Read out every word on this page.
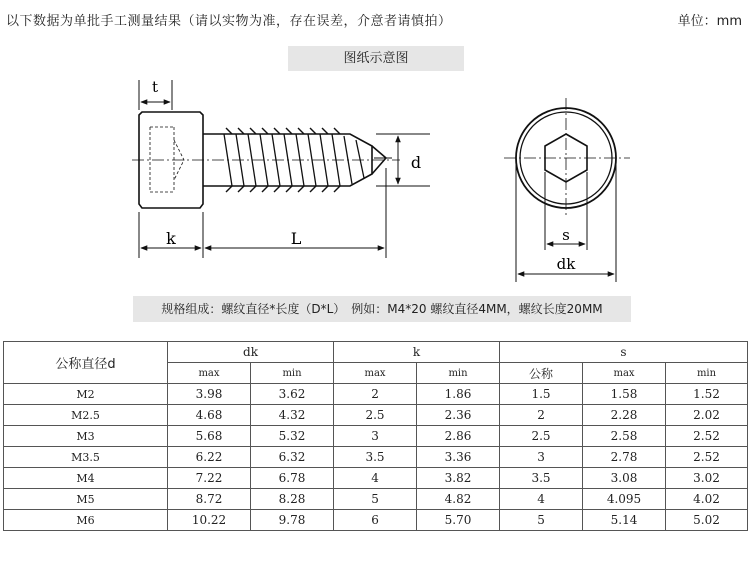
以下数据为单批手工测量结果（请以实物为准，存在误差，介意者请慎拍）	单位：mm
图纸示意图
t
d
k	L	s
dk
规格组成：螺纹直径*长度（D*L）　例如：M4*20 螺纹直径4MM，螺纹长度20MM
公称直径d	dk		k		s		
	max	min	max	min	公称	max	min
M2	3.98	3.62	2	1.86	1.5	1.58	1.52
M2.5	4.68	4.32	2.5	2.36	2	2.28	2.02
M3	5.68	5.32	3	2.86	2.5	2.58	2.52
M3.5	6.22	6.32	3.5	3.36	3	2.78	2.52
M4	7.22	6.78	4	3.82	3.5	3.08	3.02
M5	8.72	8.28	5	4.82	4	4.095	4.02
M6	10.22	9.78	6	5.70	5	5.14	5.02
